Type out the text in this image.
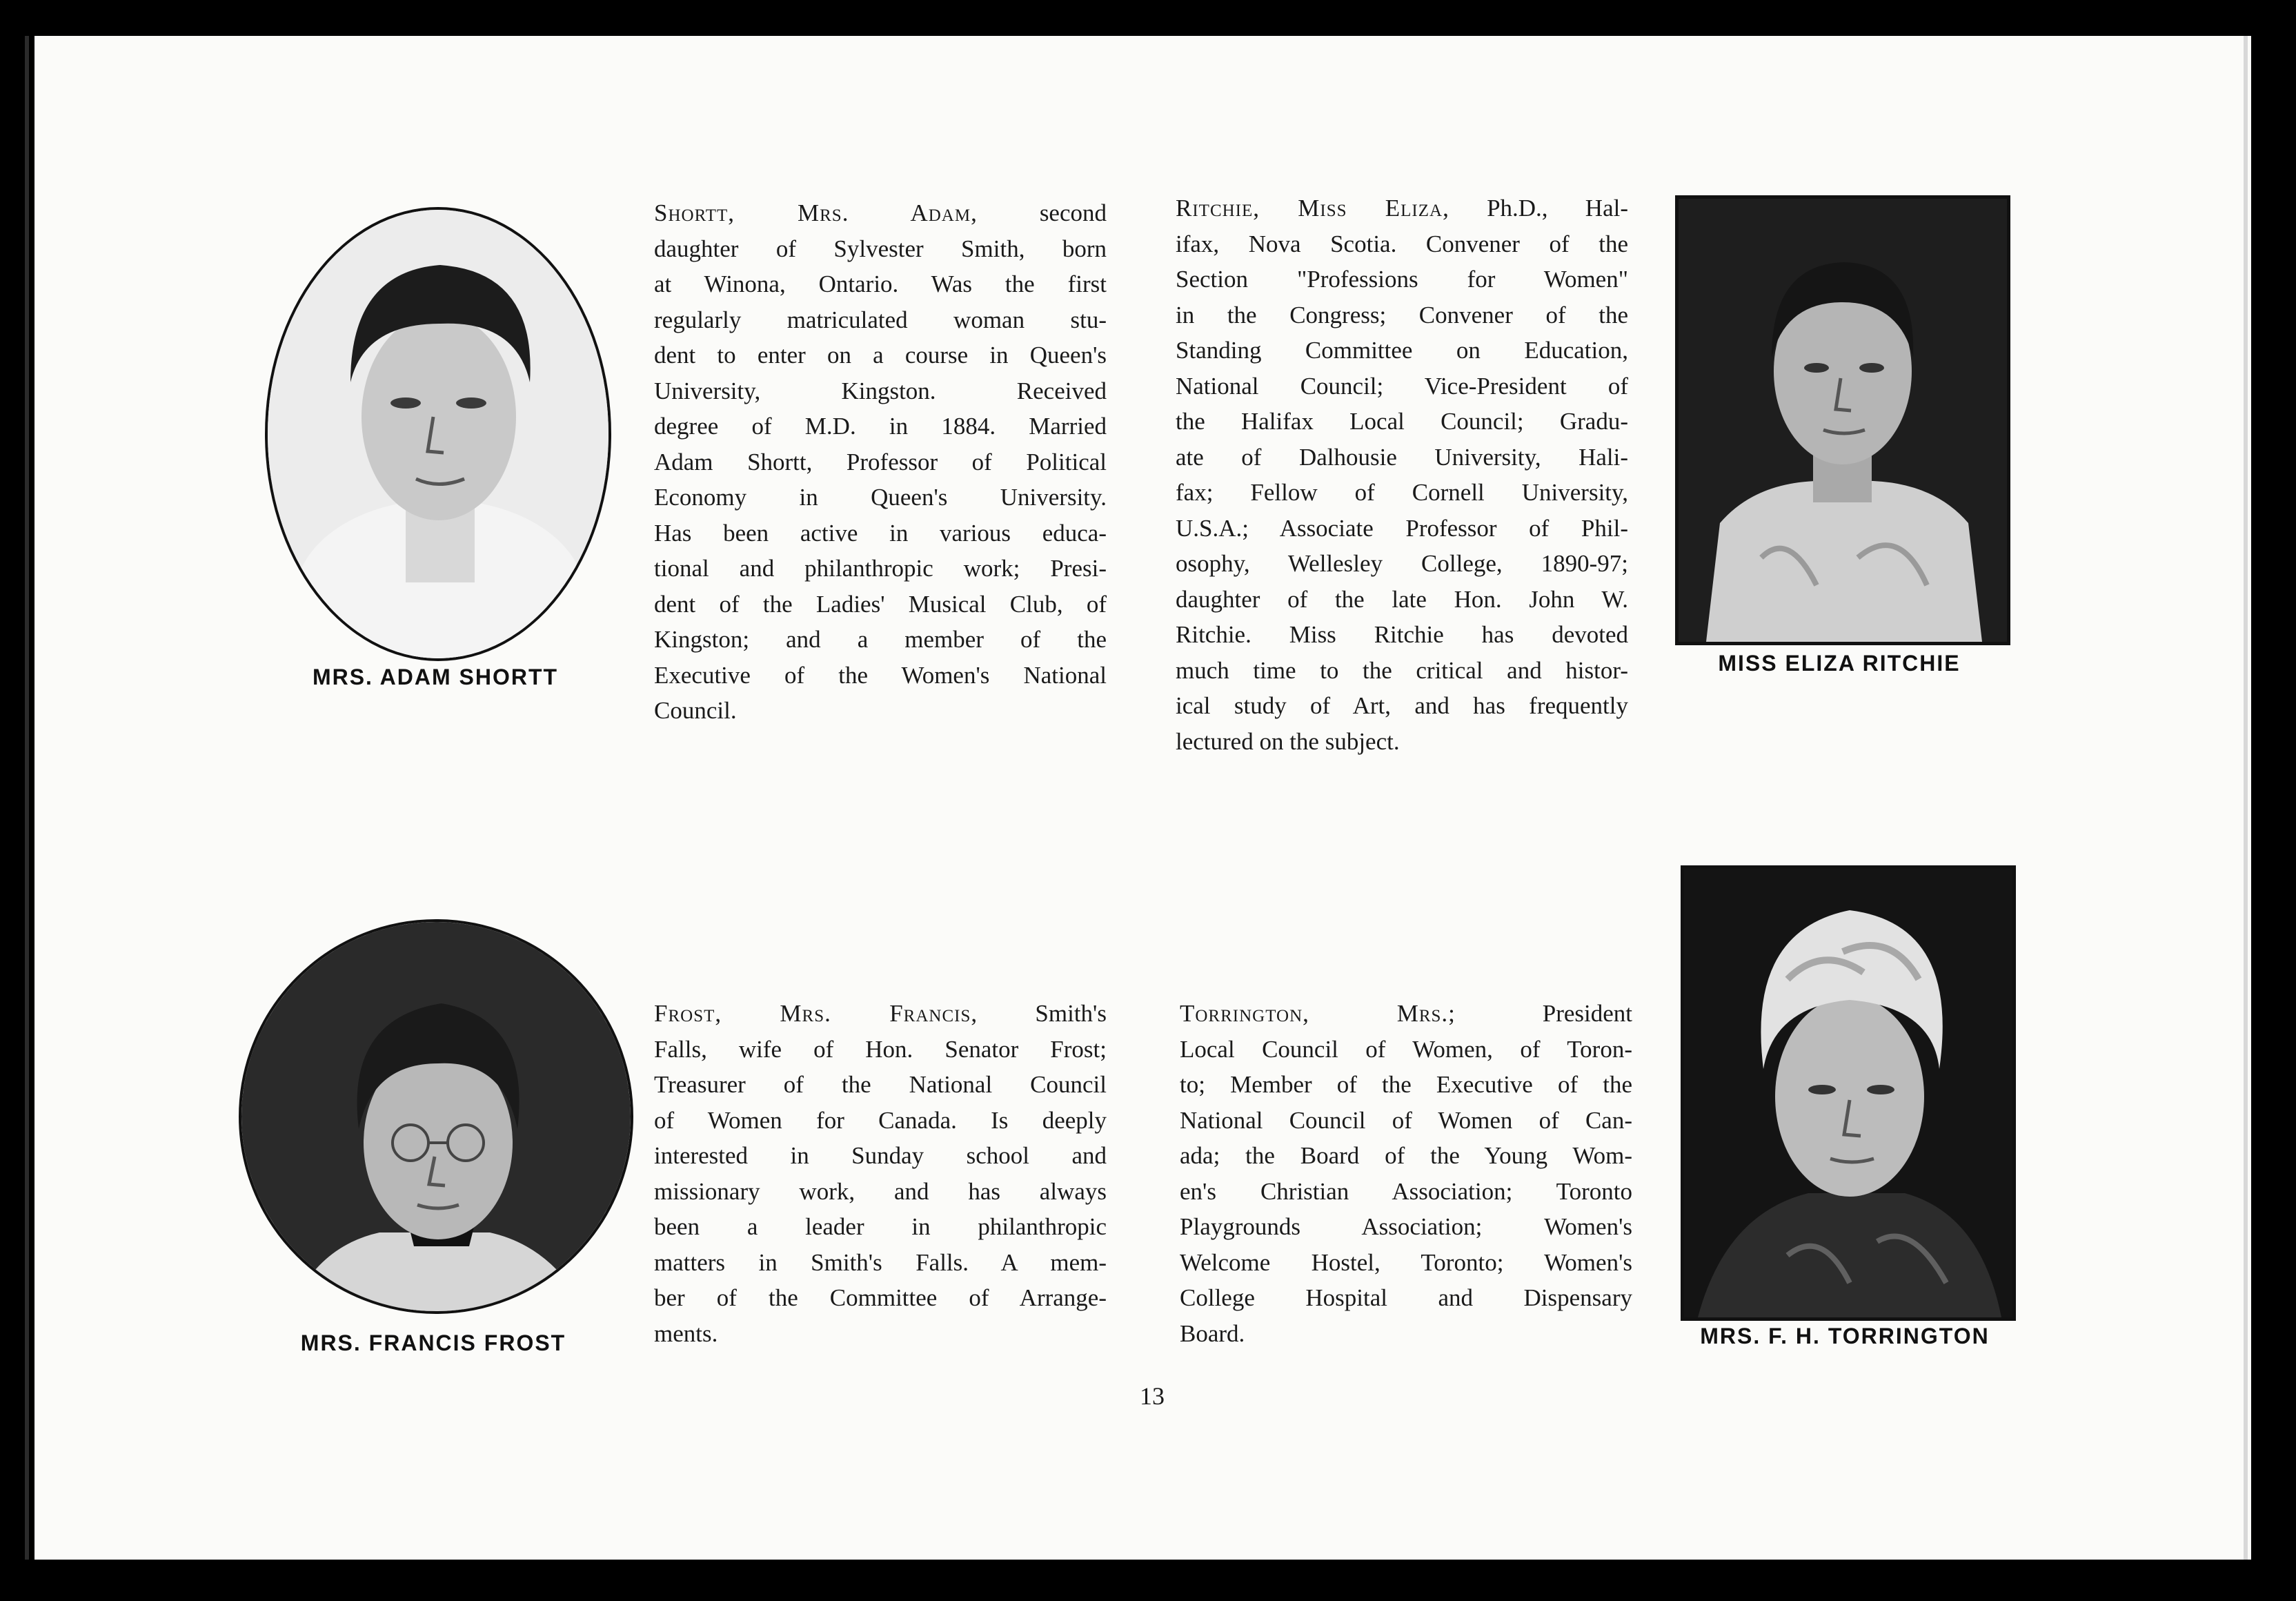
MRS. ADAM SHORTT
Shortt, Mrs. Adam,	second
daughter of Sylvester Smith, born
at Winona, Ontario. Was the first
regularly matriculated woman stu-
dent to enter on a course in Queen's
University, Kingston. Received
degree of M.D. in 1884. Married
Adam Shortt, Professor of Political
Economy in Queen's University.
Has been active in various educa-
tional and philanthropic work; Presi-
dent of the Ladies' Musical Club, of
Kingston; and a member of the
Executive of the Women's National
Council.
Ritchie, Miss Eliza, Ph.D., Hal-
ifax, Nova Scotia. Convener of the
Section "Professions for Women"
in the Congress; Convener of the
Standing Committee on Education,
National Council; Vice-President of
the Halifax Local Council; Gradu-
ate of Dalhousie University, Hali-
fax; Fellow of Cornell University,
U.S.A.; Associate Professor of Phil-
osophy, Wellesley College, 1890-97;
daughter of the late Hon. John W.
Ritchie. Miss Ritchie has devoted
much time to the critical and histor-
ical study of Art, and has frequently
lectured on the subject.
MISS ELIZA RITCHIE
MRS. FRANCIS FROST
Frost, Mrs. Francis, Smith's
Falls, wife of Hon. Senator Frost;
Treasurer of the National Council
of Women for Canada. Is deeply
interested in Sunday school and
missionary work, and has always
been a leader in philanthropic
matters in Smith's Falls. A mem-
ber of the Committee of Arrange-
ments.
Torrington, Mrs.;	President
Local Council of Women, of Toron-
to; Member of the Executive of the
National Council of Women of Can-
ada; the Board of the Young Wom-
en's Christian Association; Toronto
Playgrounds Association; Women's
Welcome Hostel, Toronto; Women's
College Hospital and Dispensary
Board.	MRS. F. H. TORRINGTON
13
